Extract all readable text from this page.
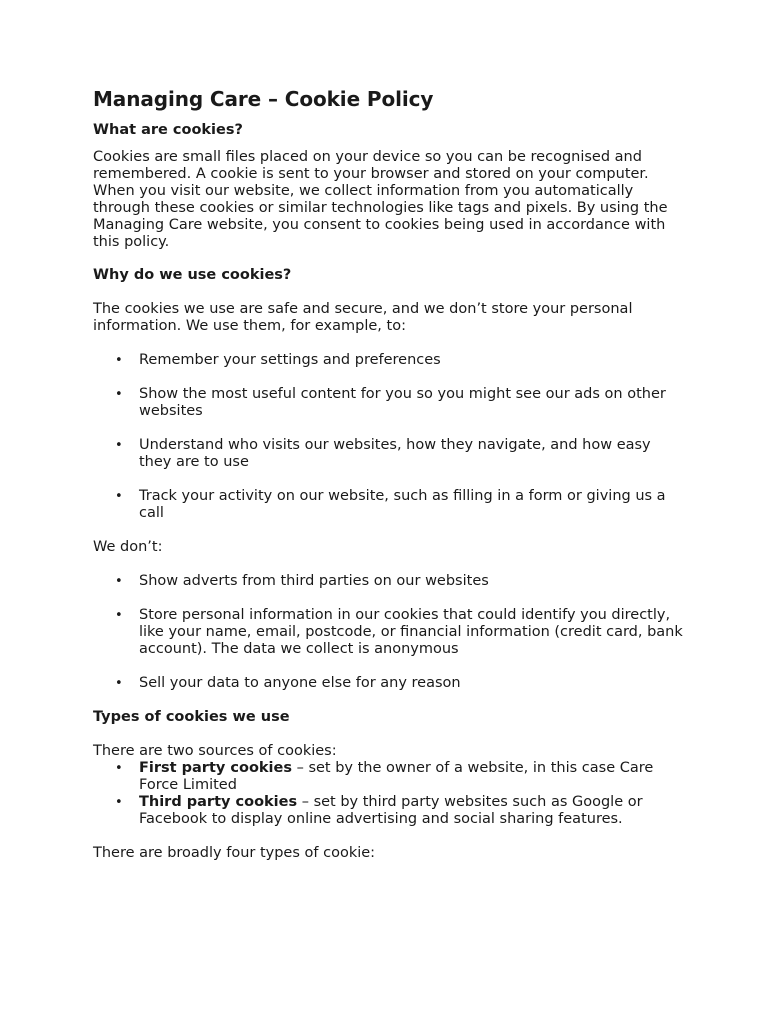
Managing Care – Cookie Policy
What are cookies?

Cookies are small files placed on your device so you can be recognised and remembered. A cookie is sent to your browser and stored on your computer.

When you visit our website, we collect information from you automatically through these cookies or similar technologies like tags and pixels. By using the Managing Care website, you consent to cookies being used in accordance with this policy.

Why do we use cookies?

The cookies we use are safe and secure, and we don’t store your personal information. We use them, for example, to:

• Remember your settings and preferences
• Show the most useful content for you so you might see our ads on other websites
• Understand who visits our websites, how they navigate, and how easy they are to use
• Track your activity on our website, such as filling in a form or giving us a call

We don’t:

• Show adverts from third parties on our websites
• Store personal information in our cookies that could identify you directly, like your name, email, postcode, or financial information (credit card, bank account). The data we collect is anonymous
• Sell your data to anyone else for any reason
Types of cookies we use

There are two sources of cookies:

• First party cookies – set by the owner of a website, in this case Care Force Limited
• Third party cookies – set by third party websites such as Google or Facebook to display online advertising and social sharing features.

There are broadly four types of cookie:
